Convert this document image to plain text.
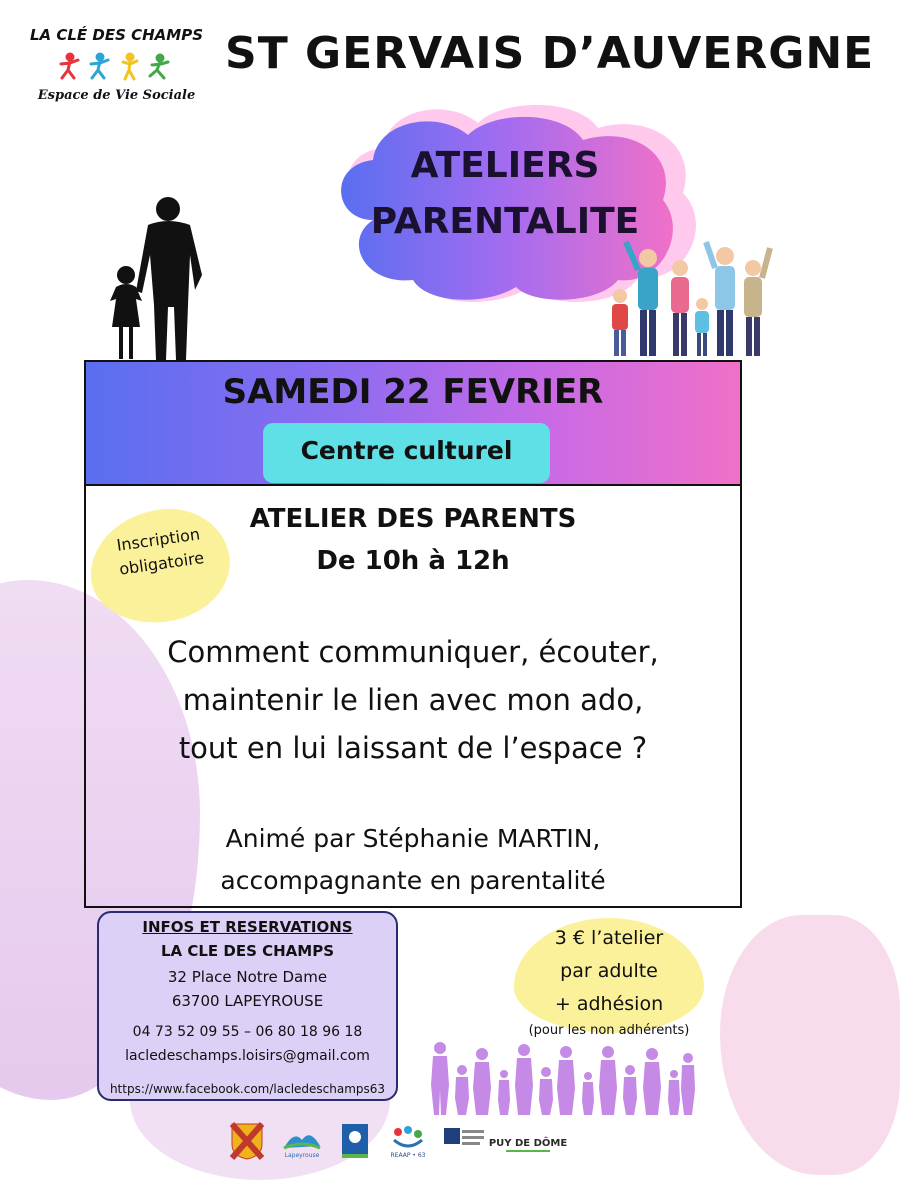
LA CLÉ DES CHAMPS
Espace de Vie Sociale
ST GERVAIS D’AUVERGNE
ATELIERS
PARENTALITE
SAMEDI 22 FEVRIER
Centre culturel
ATELIER DES PARENTS
De 10h à 12h
Inscription
obligatoire
Comment communiquer, écouter,
maintenir le lien avec mon ado,
tout en lui laissant de l’espace ?
Animé par Stéphanie MARTIN,
accompagnante en parentalité
INFOS ET RESERVATIONS
LA CLE DES CHAMPS
32 Place Notre Dame
63700 LAPEYROUSE
04 73 52 09 55 – 06 80 18 96 18
lacledeschamps.loisirs@gmail.com
https://www.facebook.com/lacledeschamps63
3 € l’atelier
par adulte
+ adhésion
(pour les non adhérents)
Lapeyrouse	REAAP • 63
PUY DE DÔME
